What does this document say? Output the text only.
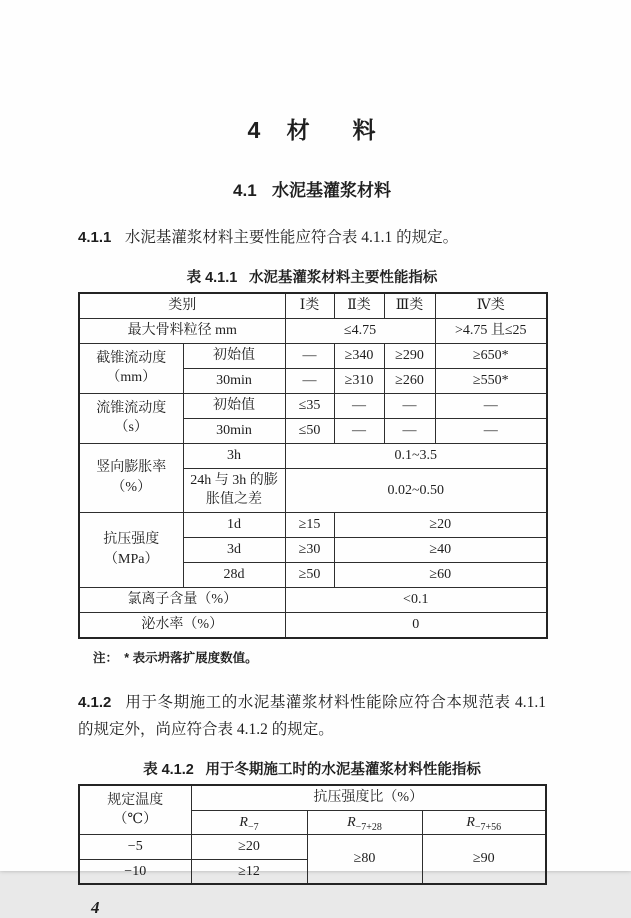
4 材 料
4.1 水泥基灌浆材料
4.1.1 水泥基灌浆材料主要性能应符合表 4.1.1 的规定。
表 4.1.1 水泥基灌浆材料主要性能指标
类别		Ⅰ类	Ⅱ类	Ⅲ类	Ⅳ类
最大骨料粒径 mm		≤4.75			>4.75 且≤25

截锥流动度
（mm）	初始值	—	≥340	≥290	≥650*
	30min	—	≥310	≥260	≥550*

流锥流动度
（s）	初始值	≤35	—	—	—
	30min	≤50	—	—	—

竖向膨胀率
（%）	3h	0.1~3.5			
	24h 与 3h 的膨胀值之差	0.02~0.50			

抗压强度
（MPa）	1d	≥15	≥20		
	3d	≥30	≥40		
	28d	≥50	≥60		
氯离子含量（%）		<0.1			
泌水率（%）		0			
注： * 表示坍落扩展度数值。
4.1.2 用于冬期施工的水泥基灌浆材料性能除应符合本规范表 4.1.1 的规定外，尚应符合表 4.1.2 的规定。
表 4.1.2 用于冬期施工时的水泥基灌浆材料性能指标
规定温度
（℃）	抗压强度比（%）		
	$R_{-7}$	$R_{-7+28}$	$R_{-7+56}$
−5	≥20	≥80	≥90
−10	≥12		
4
